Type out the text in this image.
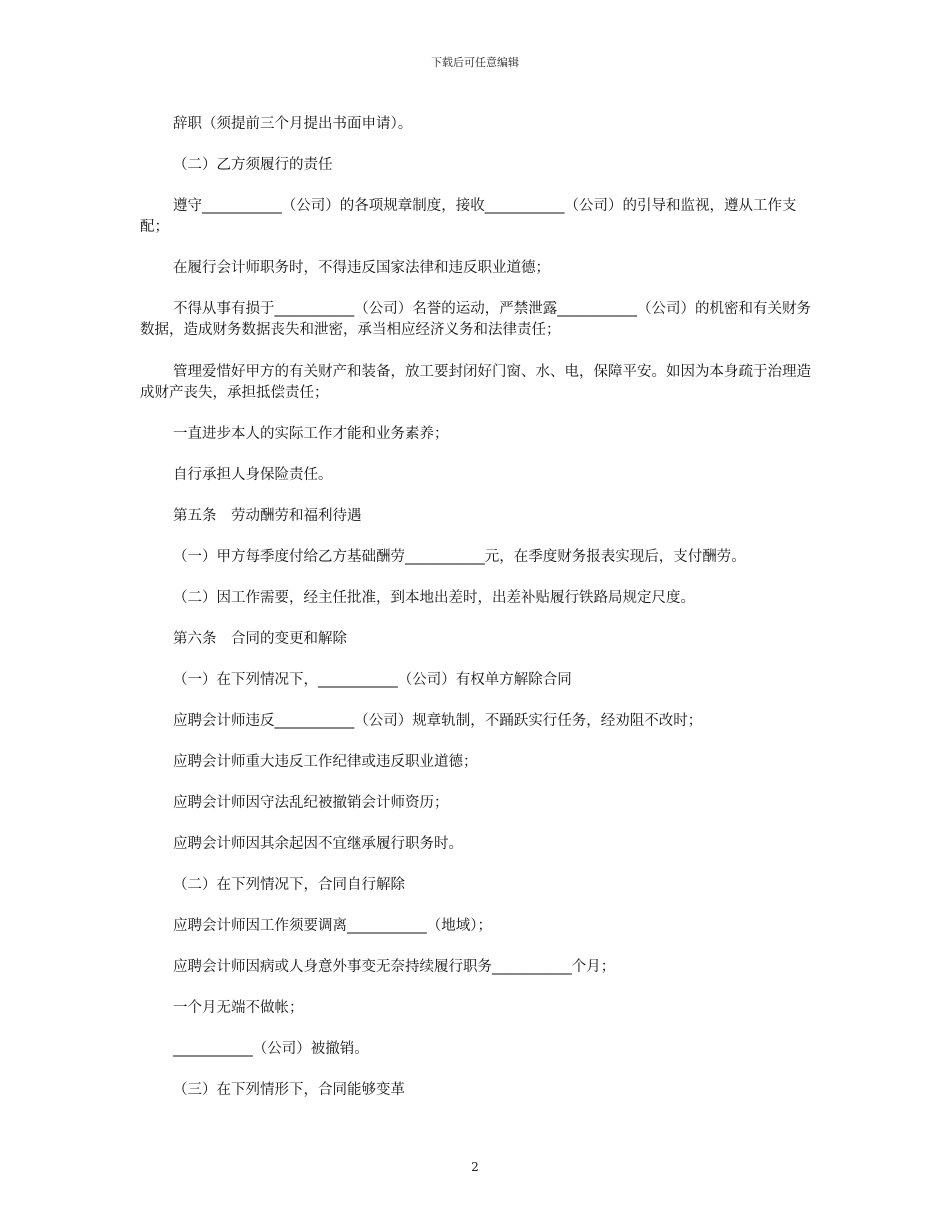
下载后可任意编辑
辞职（须提前三个月提出书面申请）。
（二）乙方须履行的责任
遵守___________（公司）的各项规章制度，接收___________（公司）的引导和监视，遵从工作支配；
在履行会计师职务时，不得违反国家法律和违反职业道德；
不得从事有损于___________（公司）名誉的运动，严禁泄露___________（公司）的机密和有关财务数据，造成财务数据丧失和泄密，承当相应经济义务和法律责任；
管理爱惜好甲方的有关财产和装备，放工要封闭好门窗、水、电，保障平安。如因为本身疏于治理造成财产丧失，承担抵偿责任；
一直进步本人的实际工作才能和业务素养；
自行承担人身保险责任。
第五条　劳动酬劳和福利待遇
（一）甲方每季度付给乙方基础酬劳___________元，在季度财务报表实现后，支付酬劳。
（二）因工作需要，经主任批准，到本地出差时，出差补贴履行铁路局规定尺度。
第六条　合同的变更和解除
（一）在下列情况下，___________（公司）有权单方解除合同
应聘会计师违反___________（公司）规章轨制，不踊跃实行任务，经劝阻不改时；
应聘会计师重大违反工作纪律或违反职业道德；
应聘会计师因守法乱纪被撤销会计师资历；
应聘会计师因其余起因不宜继承履行职务时。
（二）在下列情况下，合同自行解除
应聘会计师因工作须要调离___________（地域）；
应聘会计师因病或人身意外事变无奈持续履行职务___________个月；
一个月无端不做帐；
___________（公司）被撤销。
（三）在下列情形下，合同能够变革
2
